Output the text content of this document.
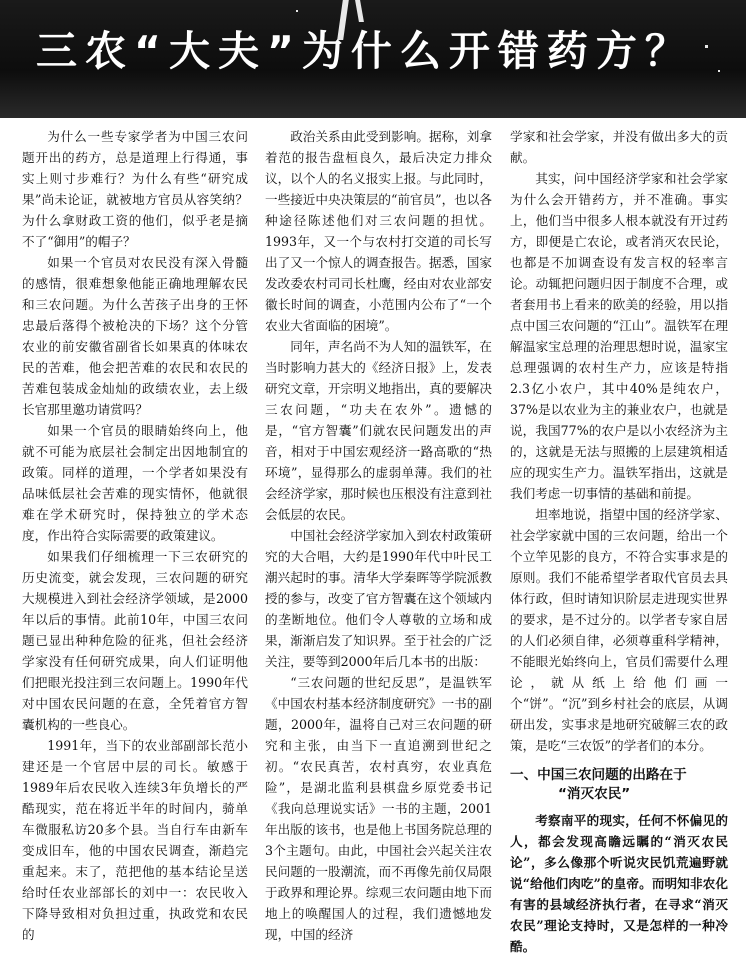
三农“大夫”为什么开错药方？

为什么一些专家学者为中国三农问题开出的药方，总是道理上行得通，事实上则寸步难行？为什么有些“研究成果”尚未论证，就被地方官员从容笑纳？为什么拿财政工资的他们，似乎老是摘不了“御用”的帽子？

如果一个官员对农民没有深入骨髓的感情，很难想象他能正确地理解农民和三农问题。为什么苦孩子出身的王怀忠最后落得个被枪决的下场？这个分管农业的前安徽省副省长如果真的体味农民的苦难，他会把苦难的农民和农民的苦难包装成金灿灿的政绩农业，去上级长官那里邀功请赏吗？

如果一个官员的眼睛始终向上，他就不可能为底层社会制定出因地制宜的政策。同样的道理，一个学者如果没有品味低层社会苦难的现实情怀，他就很难在学术研究时，保持独立的学术态度，作出符合实际需要的政策建议。

如果我们仔细梳理一下三农研究的历史流变，就会发现，三农问题的研究大规模进入到社会经济学领域，是2000年以后的事情。此前10年，中国三农问题已显出种种危险的征兆，但社会经济学家没有任何研究成果，向人们证明他们把眼光投注到三农问题上。1990年代对中国农民问题的在意，全凭着官方智囊机构的一些良心。

1991年，当下的农业部副部长范小建还是一个官居中层的司长。敏感于1989年后农民收入连续3年负增长的严酷现实，范在将近半年的时间内，骑单车微服私访20多个县。当自行车由新车变成旧车，他的中国农民调查，渐趋完重起来。末了，范把他的基本结论呈送给时任农业部部长的刘中一：农民收入下降导致相对负担过重，执政党和农民的

政治关系由此受到影响。据称，刘拿着范的报告盘桓良久，最后决定力排众议，以个人的名义报实上报。与此同时，一些接近中央决策层的“前官员”，也以各种途径陈述他们对三农问题的担忧。1993年，又一个与农村打交道的司长写出了又一个惊人的调查报告。据悉，国家发改委农村司司长杜鹰，经由对农业部安徽长时间的调查，小范围内公布了“一个农业大省面临的困境”。

同年，声名尚不为人知的温铁军，在当时影响力甚大的《经济日报》上，发表研究文章，开宗明义地指出，真的要解决三农问题，“功夫在农外”。遗憾的是，“官方智囊”们就农民问题发出的声音，相对于中国宏观经济一路高歌的“热环境”，显得那么的虚弱单薄。我们的社会经济学家，那时候也压根没有注意到社会低层的农民。

中国社会经济学家加入到农村政策研究的大合唱，大约是1990年代中叶民工潮兴起时的事。清华大学秦晖等学院派教授的参与，改变了官方智囊在这个领域内的垄断地位。他们令人尊敬的立场和成果，渐渐启发了知识界。至于社会的广泛关注，要等到2000年后几本书的出版：

“三农问题的世纪反思”，是温铁军《中国农村基本经济制度研究》一书的副题，2000年，温将自己对三农问题的研究和主张，由当下一直追溯到世纪之初。“农民真苦，农村真穷，农业真危险”，是湖北监利县棋盘乡原党委书记《我向总理说实话》一书的主题，2001年出版的该书，也是他上书国务院总理的3个主题句。由此，中国社会兴起关注农民问题的一股潮流，而不再像先前仅局限于政界和理论界。综观三农问题由地下而地上的唤醒国人的过程，我们遗憾地发现，中国的经济

学家和社会学家，并没有做出多大的贡献。

其实，问中国经济学家和社会学家为什么会开错药方，并不准确。事实上，他们当中很多人根本就没有开过药方，即便是亡农论，或者消灭农民论，也都是不加调查设有发言权的轻率言论。动辄把问题归因于制度不合理，或者套用书上看来的欧美的经验，用以指点中国三农问题的“江山”。温铁军在理解温家宝总理的治理思想时说，温家宝总理强调的农村生产力，应该是特指2.3亿小农户，其中40%是纯农户，37%是以农业为主的兼业农户，也就是说，我国77%的农户是以小农经济为主的，这就是无法与照搬的上层建筑相适应的现实生产力。温铁军指出，这就是我们考虑一切事情的基础和前提。

坦率地说，指望中国的经济学家、社会学家就中国的三农问题，给出一个个立竿见影的良方，不符合实事求是的原则。我们不能希望学者取代官员去具体行政，但时请知识阶层走进现实世界的要求，是不过分的。以学者专家自居的人们必须自律，必须尊重科学精神，不能眼光始终向上，官员们需要什么理论，就从纸上给他们画一个“饼”。“沉”到乡村社会的底层，从调研出发，实事求是地研究破解三农的政策，是吃“三农饭”的学者们的本分。

一、中国三农问题的出路在于
“消灭农民”

考察南平的现实，任何不怀偏见的人，都会发现高瞻远瞩的“消灭农民论”，多么像那个听说灾民饥荒遍野就说“给他们肉吃”的皇帝。而明知非农化有害的县域经济执行者，在寻求“消灭农民”理论支持时，又是怎样的一种冷酷。
